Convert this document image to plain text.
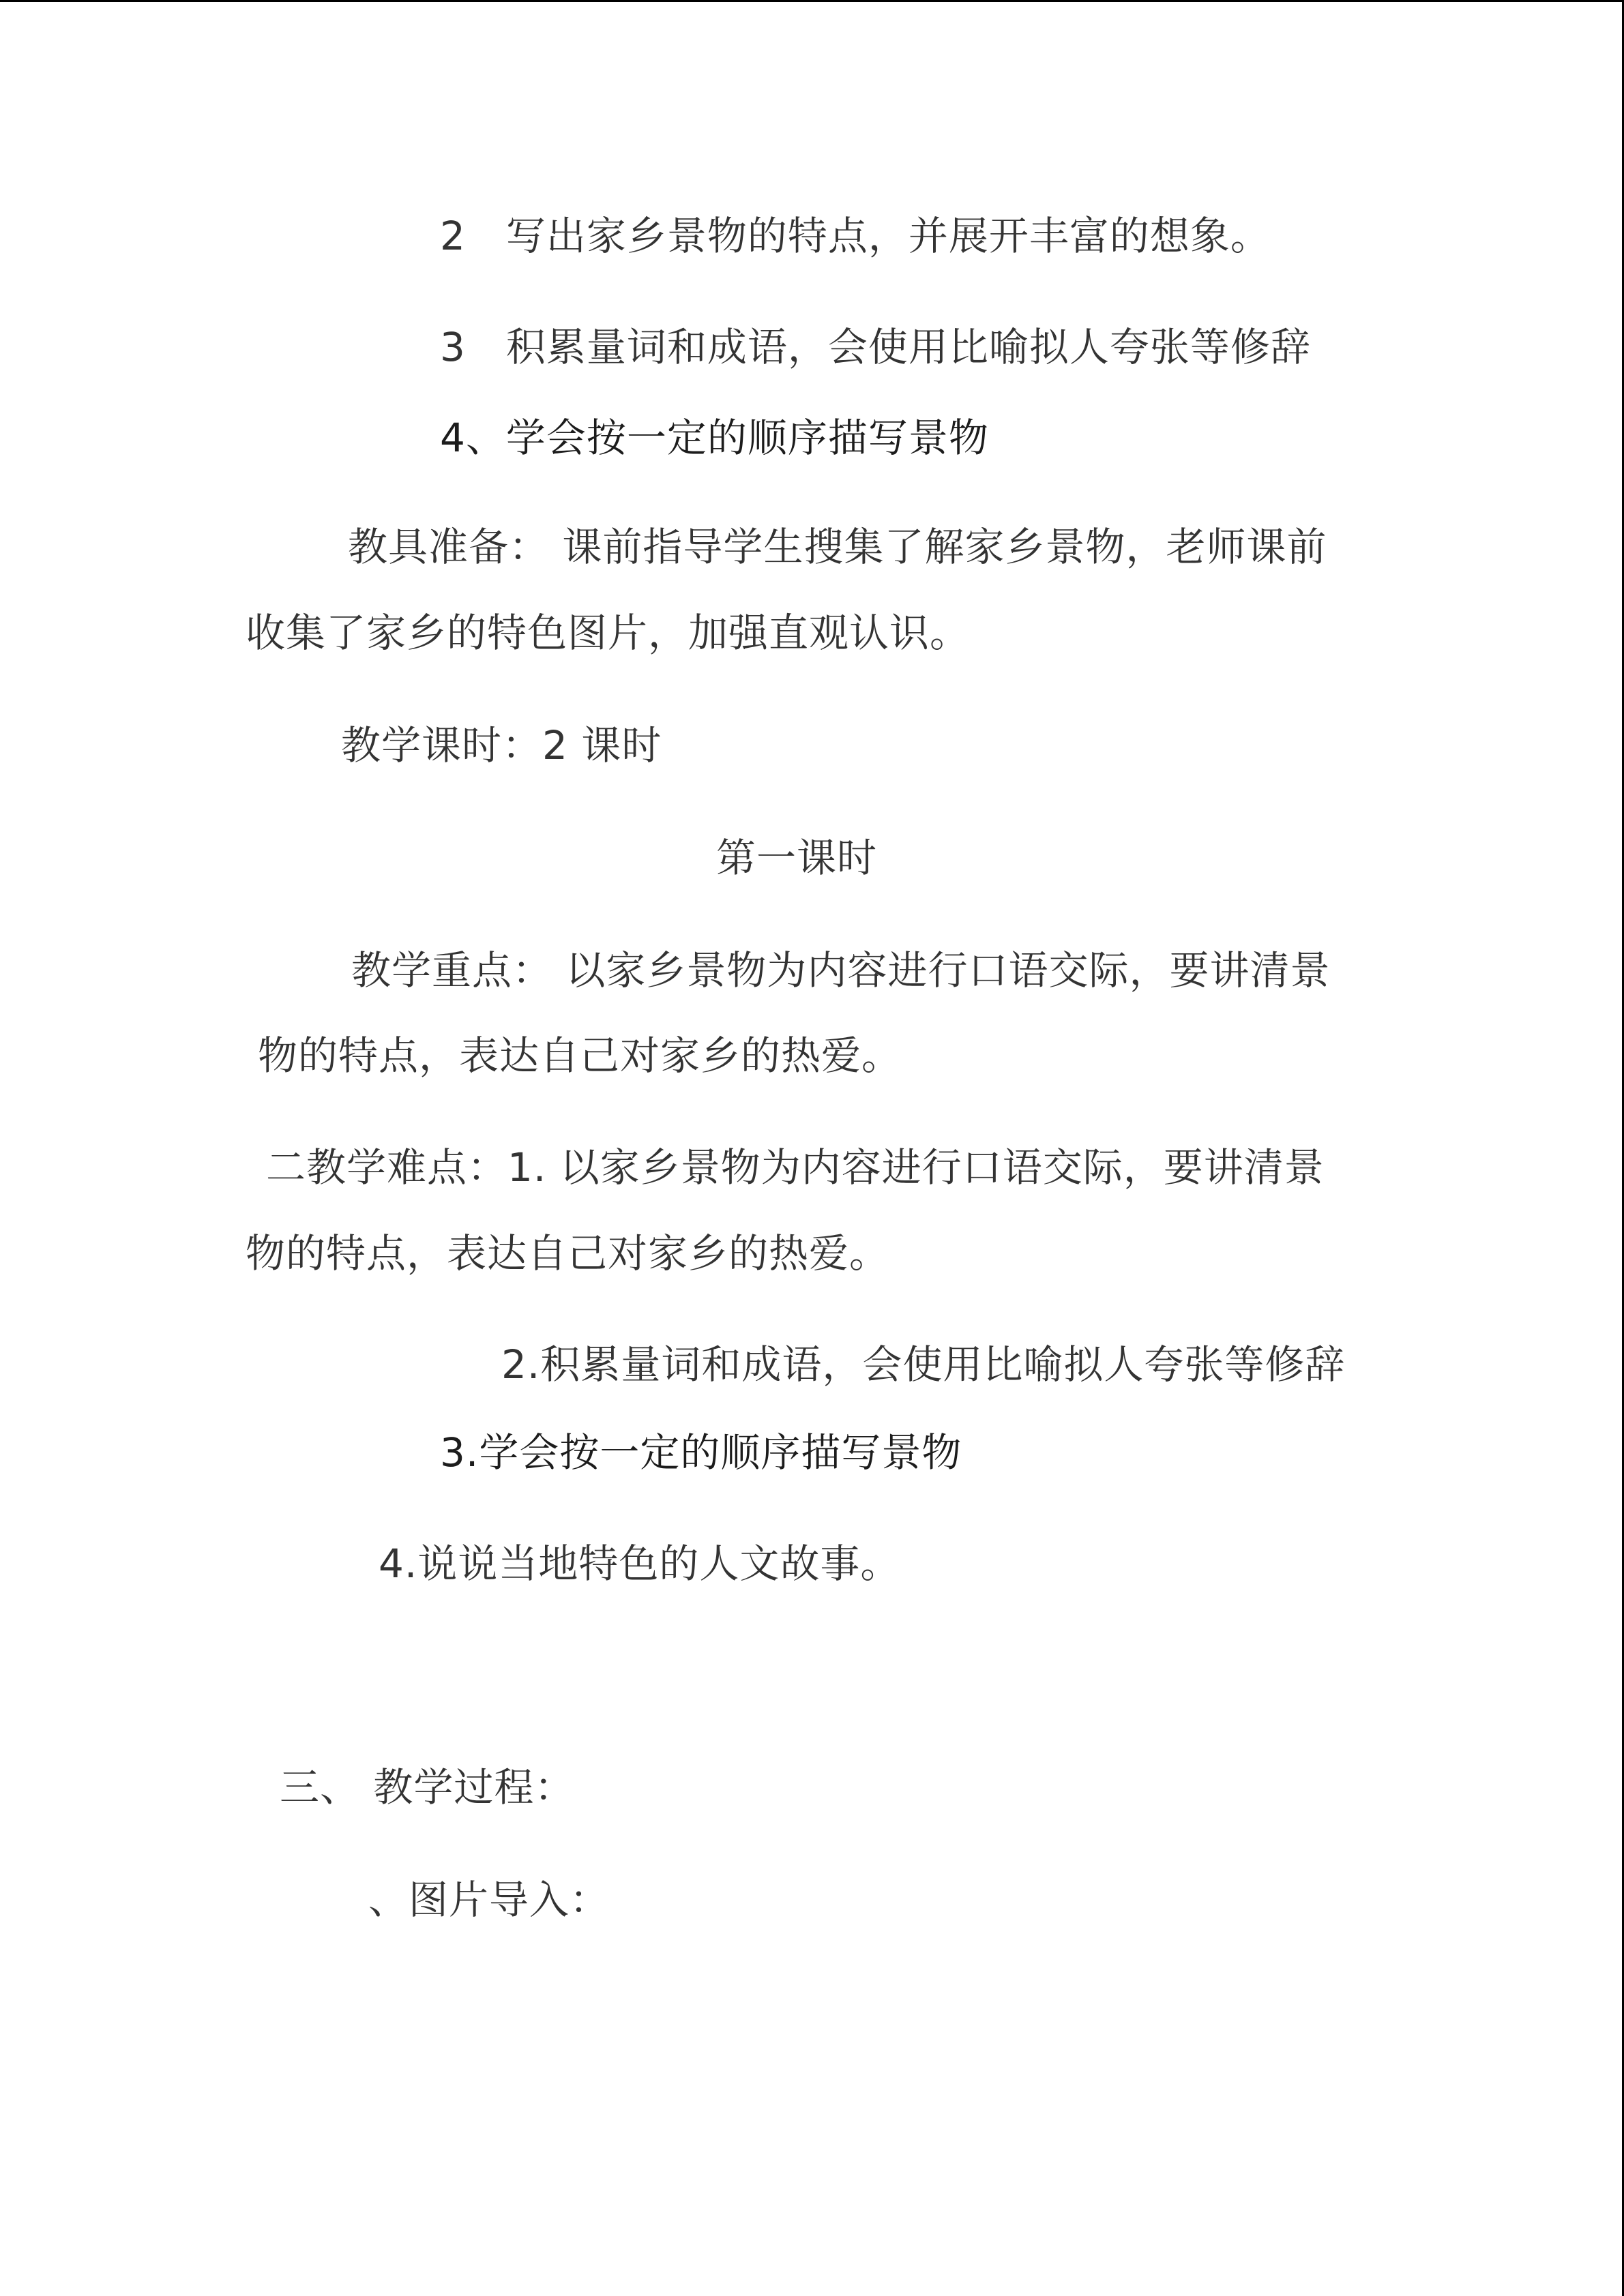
2　写出家乡景物的特点，并展开丰富的想象。
3　积累量词和成语，会使用比喻拟人夸张等修辞
4、学会按一定的顺序描写景物
教具准备： 课前指导学生搜集了解家乡景物，老师课前
收集了家乡的特色图片，加强直观认识。
教学课时：2 课时
第一课时
教学重点： 以家乡景物为内容进行口语交际，要讲清景
物的特点，表达自己对家乡的热爱。
二教学难点：1. 以家乡景物为内容进行口语交际，要讲清景
物的特点，表达自己对家乡的热爱。
2.积累量词和成语，会使用比喻拟人夸张等修辞
3.学会按一定的顺序描写景物
4.说说当地特色的人文故事。
三、 教学过程：
、图片导入：
